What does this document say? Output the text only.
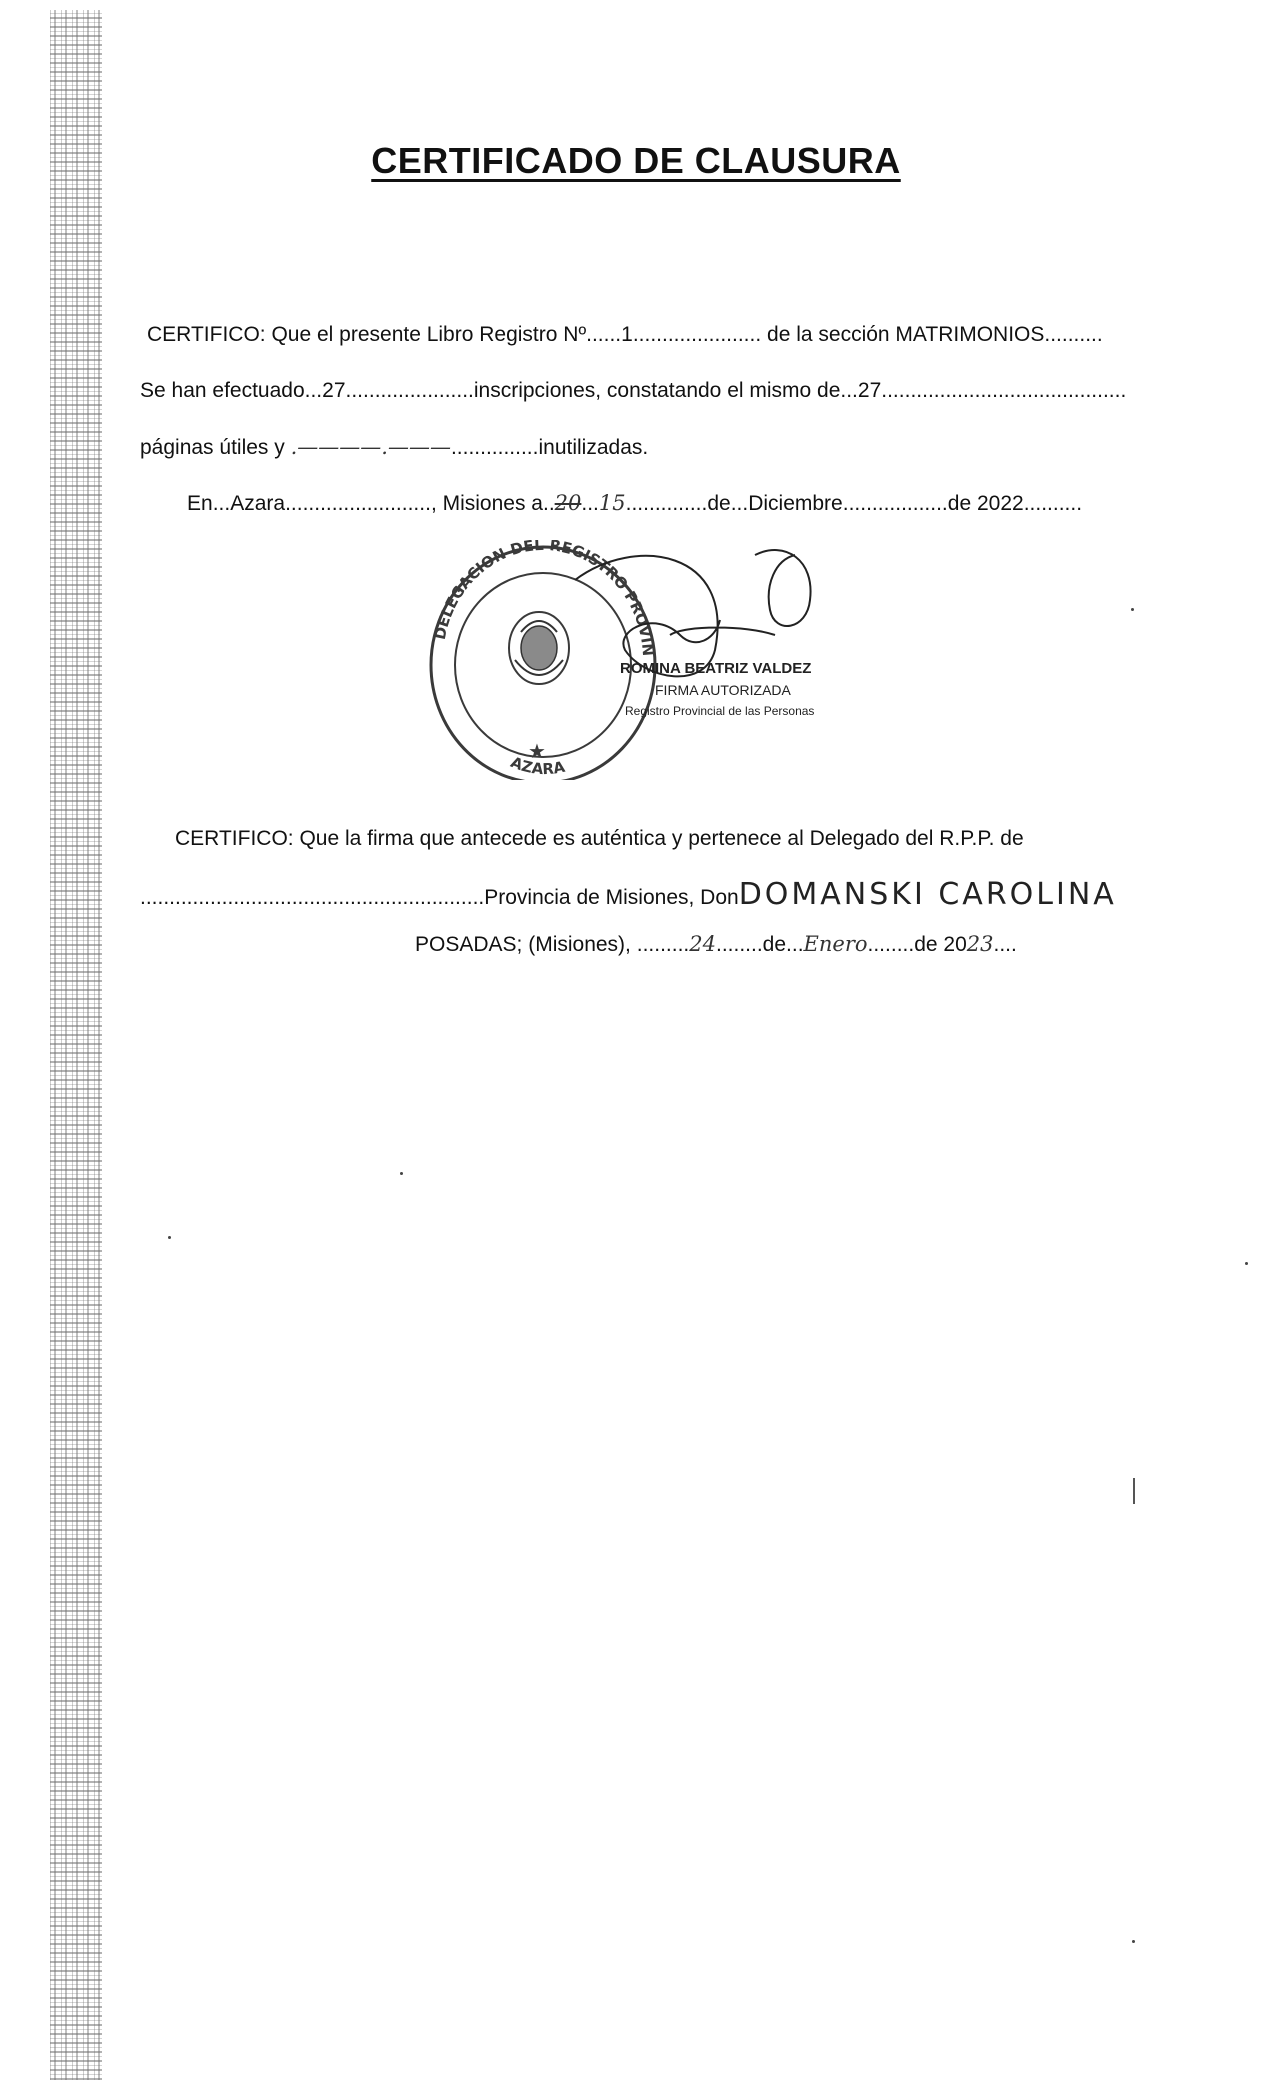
CERTIFICADO DE CLAUSURA
CERTIFICO: Que el presente Libro Registro Nº......1...................... de la sección MATRIMONIOS..........
Se han efectuado...27......................inscripciones, constatando el mismo de...27..........................................
páginas útiles y .————.———...............inutilizadas.
En...Azara........................., Misiones a..20...15..............de...Diciembre..................de 2022..........
DELEGACION DEL REGISTRO PROVIN
AZARA
★
ROMINA BEATRIZ VALDEZ
FIRMA AUTORIZADA
Registro Provincial de las Personas
CERTIFICO: Que la firma que antecede es auténtica y pertenece al Delegado del R.P.P. de
...........................................................Provincia de Misiones, DonDOMANSKI CAROLINA
POSADAS; (Misiones), .........24........de...Enero........de 2023....
